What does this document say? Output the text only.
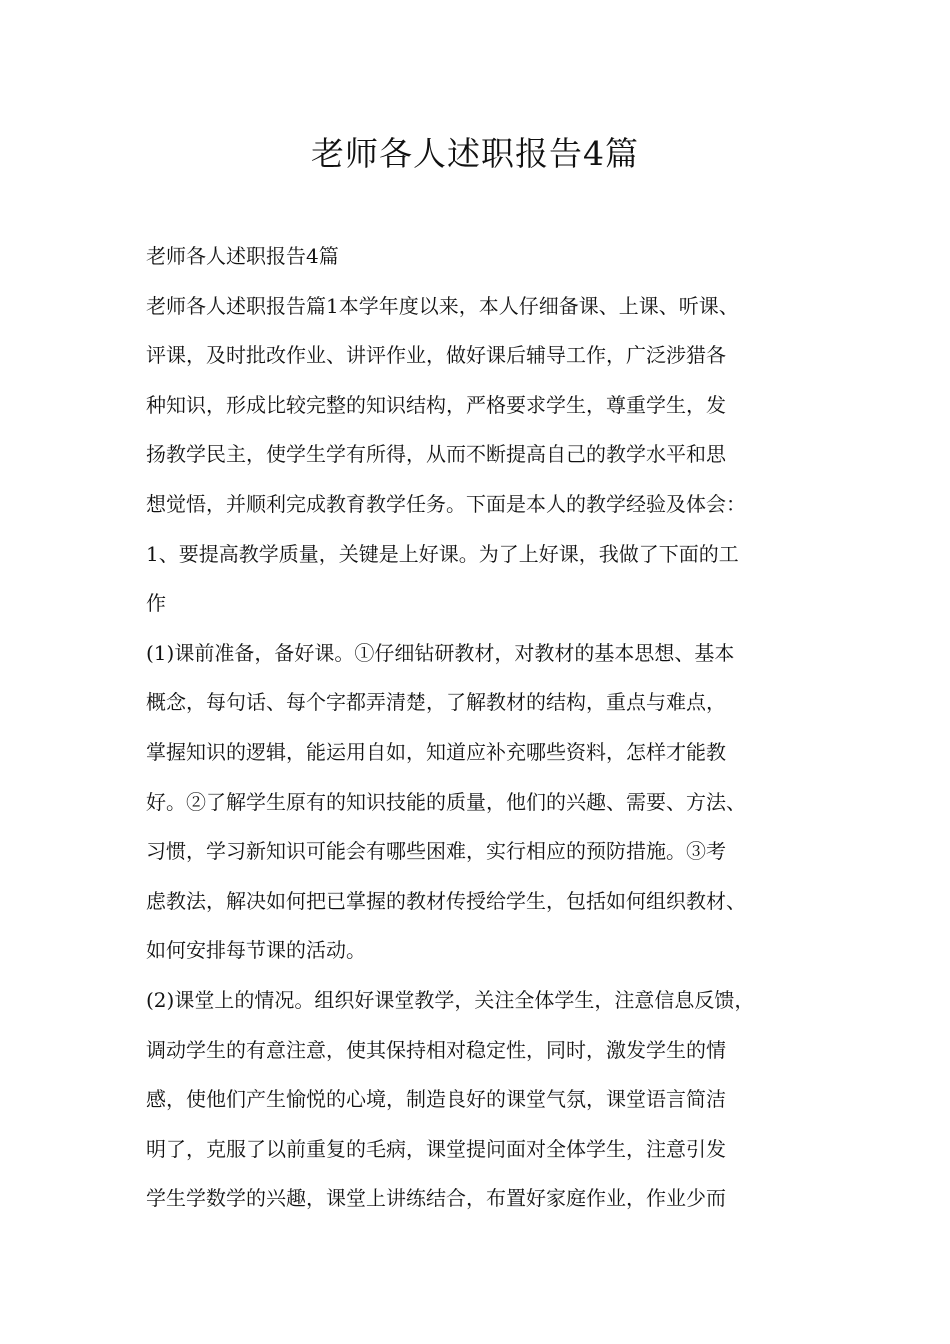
老师各人述职报告4篇

老师各人述职报告4篇

老师各人述职报告篇1本学年度以来，本人仔细备课、上课、听课、

评课，及时批改作业、讲评作业，做好课后辅导工作，广泛涉猎各

种知识，形成比较完整的知识结构，严格要求学生，尊重学生，发

扬教学民主，使学生学有所得，从而不断提高自己的教学水平和思

想觉悟，并顺利完成教育教学任务。下面是本人的教学经验及体会：

1、要提高教学质量，关键是上好课。为了上好课，我做了下面的工

作

(1)课前准备，备好课。①仔细钻研教材，对教材的基本思想、基本

概念，每句话、每个字都弄清楚，了解教材的结构，重点与难点，

掌握知识的逻辑，能运用自如，知道应补充哪些资料，怎样才能教

好。②了解学生原有的知识技能的质量，他们的兴趣、需要、方法、

习惯，学习新知识可能会有哪些困难，实行相应的预防措施。③考

虑教法，解决如何把已掌握的教材传授给学生，包括如何组织教材、

如何安排每节课的活动。

(2)课堂上的情况。组织好课堂教学，关注全体学生，注意信息反馈，

调动学生的有意注意，使其保持相对稳定性，同时，激发学生的情

感，使他们产生愉悦的心境，制造良好的课堂气氛，课堂语言简洁

明了，克服了以前重复的毛病，课堂提问面对全体学生，注意引发

学生学数学的兴趣，课堂上讲练结合，布置好家庭作业，作业少而
